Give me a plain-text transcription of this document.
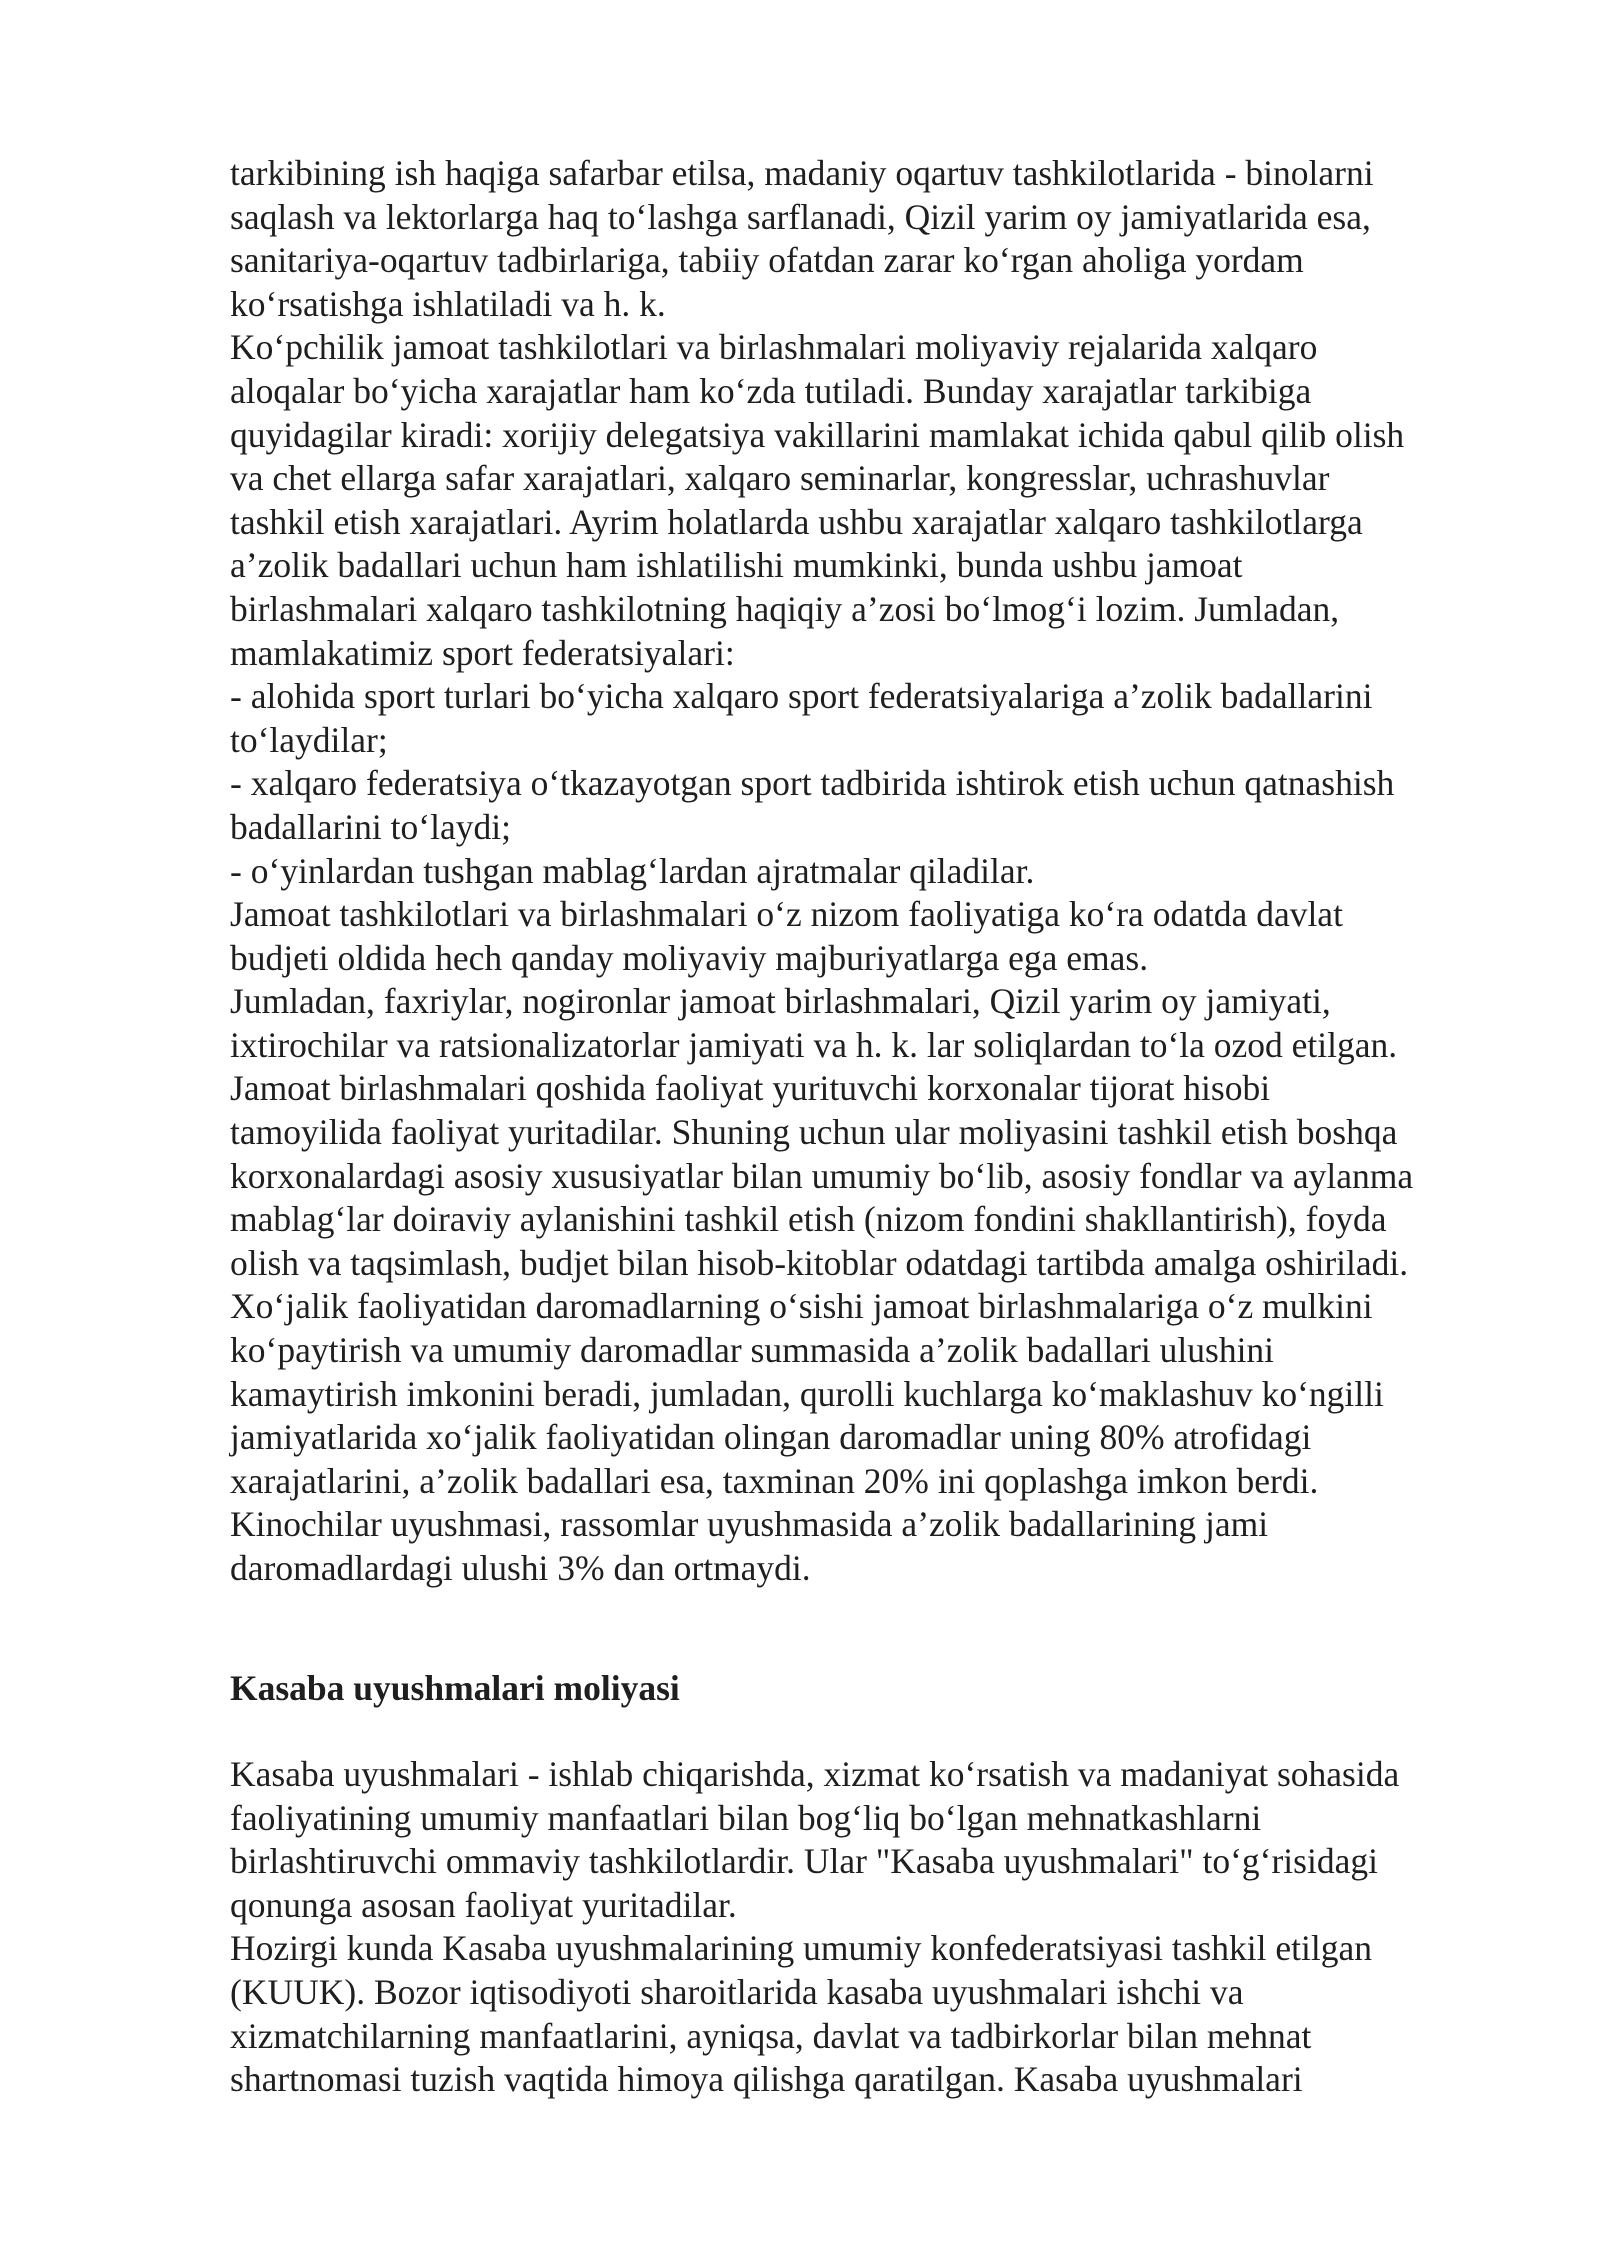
tarkibining ish haqiga safarbar etilsa, madaniy oqartuv tashkilotlarida - binolarni
saqlash va lektorlarga haq to‘lashga sarflanadi, Qizil yarim oy jamiyatlarida esa,
sanitariya-oqartuv tadbirlariga, tabiiy ofatdan zarar ko‘rgan aholiga yordam
ko‘rsatishga ishlatiladi va h. k.
Ko‘pchilik jamoat tashkilotlari va birlashmalari moliyaviy rejalarida xalqaro
aloqalar bo‘yicha xarajatlar ham ko‘zda tutiladi. Bunday xarajatlar tarkibiga
quyidagilar kiradi: xorijiy delegatsiya vakillarini mamlakat ichida qabul qilib olish
va chet ellarga safar xarajatlari, xalqaro seminarlar, kongresslar, uchrashuvlar
tashkil etish xarajatlari. Ayrim holatlarda ushbu xarajatlar xalqaro tashkilotlarga
a’zolik badallari uchun ham ishlatilishi mumkinki, bunda ushbu jamoat
birlashmalari xalqaro tashkilotning haqiqiy a’zosi bo‘lmog‘i lozim. Jumladan,
mamlakatimiz sport federatsiyalari:
- alohida sport turlari bo‘yicha xalqaro sport federatsiyalariga a’zolik badallarini
to‘laydilar;
- xalqaro federatsiya o‘tkazayotgan sport tadbirida ishtirok etish uchun qatnashish
badallarini to‘laydi;
- o‘yinlardan tushgan mablag‘lardan ajratmalar qiladilar.
Jamoat tashkilotlari va birlashmalari o‘z nizom faoliyatiga ko‘ra odatda davlat
budjeti oldida hech qanday moliyaviy majburiyatlarga ega emas.
Jumladan, faxriylar, nogironlar jamoat birlashmalari, Qizil yarim oy jamiyati,
ixtirochilar va ratsionalizatorlar jamiyati va h. k. lar soliqlardan to‘la ozod etilgan.
Jamoat birlashmalari qoshida faoliyat yurituvchi korxonalar tijorat hisobi
tamoyilida faoliyat yuritadilar. Shuning uchun ular moliyasini tashkil etish boshqa
korxonalardagi asosiy xususiyatlar bilan umumiy bo‘lib, asosiy fondlar va aylanma
mablag‘lar doiraviy aylanishini tashkil etish (nizom fondini shakllantirish), foyda
olish va taqsimlash, budjet bilan hisob-kitoblar odatdagi tartibda amalga oshiriladi.
Xo‘jalik faoliyatidan daromadlarning o‘sishi jamoat birlashmalariga o‘z mulkini
ko‘paytirish va umumiy daromadlar summasida a’zolik badallari ulushini
kamaytirish imkonini beradi, jumladan, qurolli kuchlarga ko‘maklashuv ko‘ngilli
jamiyatlarida xo‘jalik faoliyatidan olingan daromadlar uning 80% atrofidagi
xarajatlarini, a’zolik badallari esa, taxminan 20% ini qoplashga imkon berdi.
Kinochilar uyushmasi, rassomlar uyushmasida a’zolik badallarining jami
daromadlardagi ulushi 3% dan ortmaydi.
Kasaba uyushmalari moliyasi
Kasaba uyushmalari - ishlab chiqarishda, xizmat ko‘rsatish va madaniyat sohasida
faoliyatining umumiy manfaatlari bilan bog‘liq bo‘lgan mehnatkashlarni
birlashtiruvchi ommaviy tashkilotlardir. Ular "Kasaba uyushmalari" to‘g‘risidagi
qonunga asosan faoliyat yuritadilar.
Hozirgi kunda Kasaba uyushmalarining umumiy konfederatsiyasi tashkil etilgan
(KUUK). Bozor iqtisodiyoti sharoitlarida kasaba uyushmalari ishchi va
xizmatchilarning manfaatlarini, ayniqsa, davlat va tadbirkorlar bilan mehnat
shartnomasi tuzish vaqtida himoya qilishga qaratilgan. Kasaba uyushmalari
